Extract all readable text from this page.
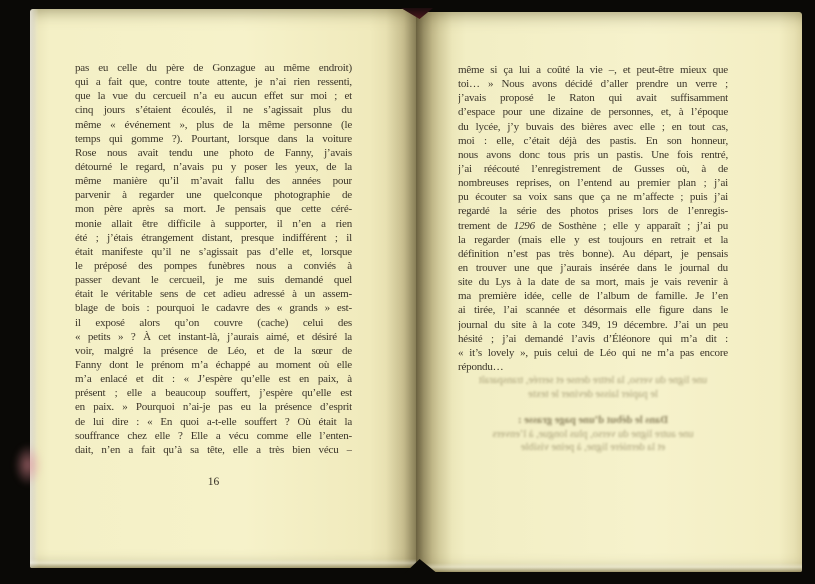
pas eu celle du père de Gonzague au même endroit)
qui a fait que, contre toute attente, je n’ai rien ressenti,
que la vue du cercueil n’a eu aucun effet sur moi ; et
cinq jours s’étaient écoulés, il ne s’agissait plus du
même « événement », plus de la même personne (le
temps qui gomme ?). Pourtant, lorsque dans la voiture
Rose nous avait tendu une photo de Fanny, j’avais
détourné le regard, n’avais pu y poser les yeux, de la
même manière qu’il m’avait fallu des années pour
parvenir à regarder une quelconque photographie de
mon père après sa mort. Je pensais que cette céré-
monie allait être difficile à supporter, il n’en a rien
été ; j’étais étrangement distant, presque indifférent ; il
était manifeste qu’il ne s’agissait pas d’elle et, lorsque
le préposé des pompes funèbres nous a conviés à
passer devant le cercueil, je me suis demandé quel
était le véritable sens de cet adieu adressé à un assem-
blage de bois : pourquoi le cadavre des « grands » est-
il exposé alors qu’on couvre (cache) celui des
« petits » ? À cet instant-là, j’aurais aimé, et désiré la
voir, malgré la présence de Léo, et de la sœur de
Fanny dont le prénom m’a échappé au moment où elle
m’a enlacé et dit : « J’espère qu’elle est en paix, à
présent ; elle a beaucoup souffert, j’espère qu’elle est
en paix. » Pourquoi n’ai-je pas eu la présence d’esprit
de lui dire : « En quoi a-t-elle souffert ? Où était la
souffrance chez elle ? Elle a vécu comme elle l’enten-
dait, n’en a fait qu’à sa tête, elle a très bien vécu –
16
une ligne du verso, la lettre dense et serrée, transparaît
le papier laisse deviner le texte
Dans le début d’une page grasse :
une autre ligne du verso, plus longue, à l’envers
et la dernière ligne, à peine visible
même si ça lui a coûté la vie –, et peut-être mieux que
toi… » Nous avons décidé d’aller prendre un verre ;
j’avais proposé le Raton qui avait suffisamment
d’espace pour une dizaine de personnes, et, à l’époque
du lycée, j’y buvais des bières avec elle ; en tout cas,
moi : elle, c’était déjà des pastis. En son honneur,
nous avons donc tous pris un pastis. Une fois rentré,
j’ai réécouté l’enregistrement de Gusses où, à de
nombreuses reprises, on l’entend au premier plan ; j’ai
pu écouter sa voix sans que ça ne m’affecte ; puis j’ai
regardé la série des photos prises lors de l’enregis-
trement de 1296 de Sosthène ; elle y apparaît ; j’ai pu
la regarder (mais elle y est toujours en retrait et la
définition n’est pas très bonne). Au départ, je pensais
en trouver une que j’aurais insérée dans le journal du
site du Lys à la date de sa mort, mais je vais revenir à
ma première idée, celle de l’album de famille. Je l’en
ai tirée, l’ai scannée et désormais elle figure dans le
journal du site à la cote 349, 19 décembre. J’ai un peu
hésité ; j’ai demandé l’avis d’Éléonore qui m’a dit :
« it’s lovely », puis celui de Léo qui ne m’a pas encore
répondu…
